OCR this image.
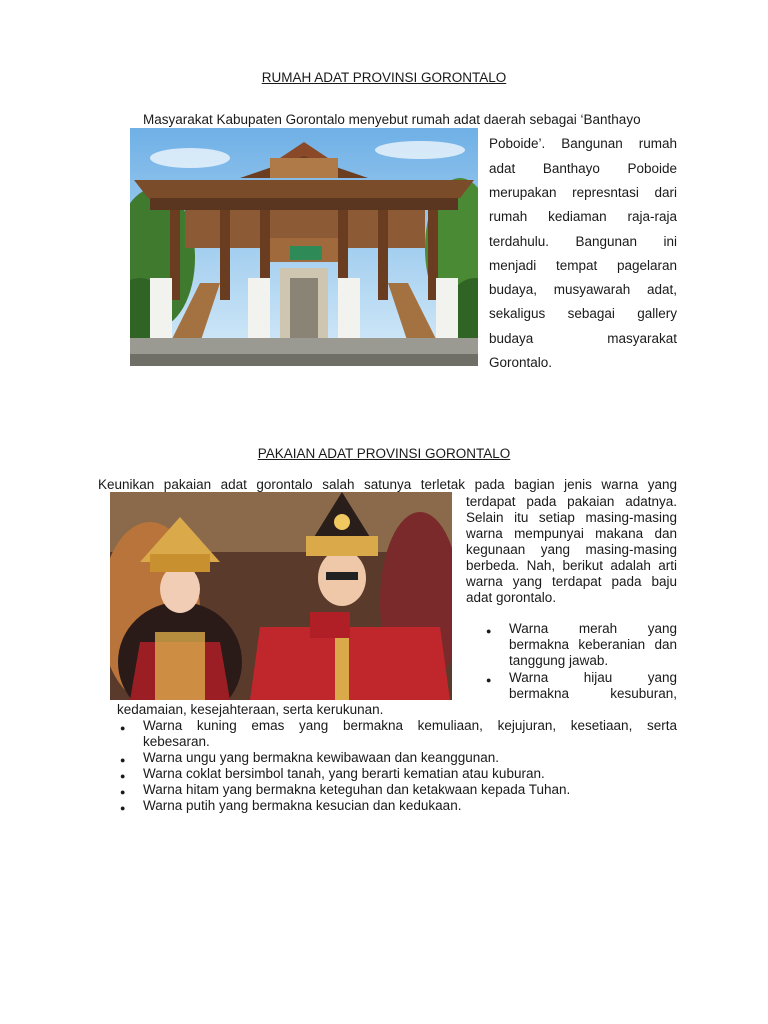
RUMAH ADAT PROVINSI GORONTALO
Masyarakat Kabupaten Gorontalo menyebut rumah adat daerah sebagai ‘Banthayo
Poboide’. Bangunan rumah
adat Banthayo Poboide
merupakan represntasi dari
rumah kediaman raja-raja
terdahulu. Bangunan ini
menjadi tempat pagelaran
budaya, musyawarah adat,
sekaligus sebagai gallery
budaya masyarakat
Gorontalo.
PAKAIAN ADAT PROVINSI GORONTALO
Keunikan pakaian adat gorontalo salah satunya terletak pada bagian jenis warna yang
terdapat pada pakaian adatnya.
Selain itu setiap masing-masing
warna mempunyai makana dan
kegunaan yang masing-masing
berbeda. Nah, berikut adalah arti
warna yang terdapat pada baju
adat gorontalo.
● Warna merah yang
bermakna keberanian dan
tanggung jawab.
● Warna hijau yang
bermakna kesuburan,
kedamaian, kesejahteraan, serta kerukunan.
● Warna kuning emas yang bermakna kemuliaan, kejujuran, kesetiaan, serta
kebesaran.
● Warna ungu yang bermakna kewibawaan dan keanggunan.
● Warna coklat bersimbol tanah, yang berarti kematian atau kuburan.
● Warna hitam yang bermakna keteguhan dan ketakwaan kepada Tuhan.
● Warna putih yang bermakna kesucian dan kedukaan.
